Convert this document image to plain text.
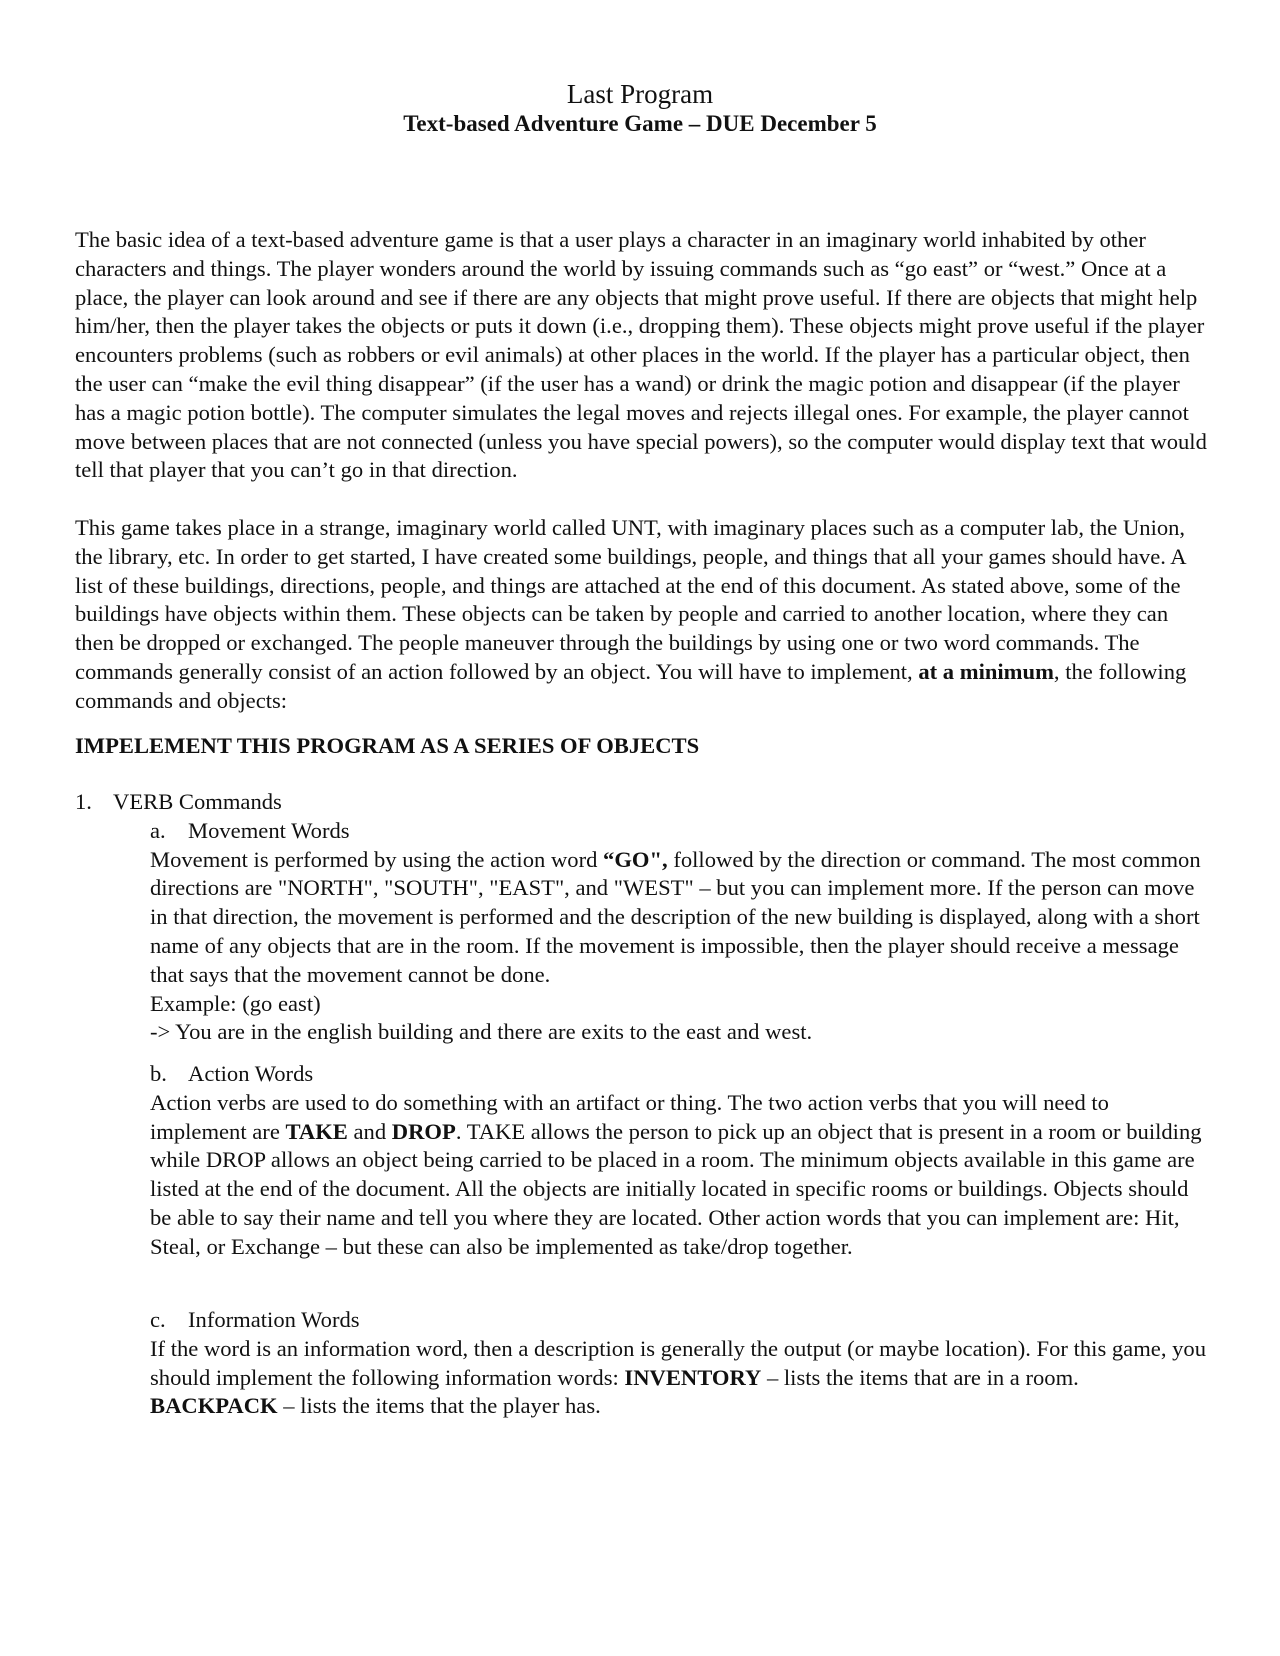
Last Program
Text-based Adventure Game – DUE December 5

The basic idea of a text-based adventure game is that a user plays a character in an imaginary world inhabited by other characters and things. The player wonders around the world by issuing commands such as “go east” or “west.” Once at a place, the player can look around and see if there are any objects that might prove useful. If there are objects that might help him/her, then the player takes the objects or puts it down (i.e., dropping them). These objects might prove useful if the player encounters problems (such as robbers or evil animals) at other places in the world. If the player has a particular object, then the user can “make the evil thing disappear” (if the user has a wand) or drink the magic potion and disappear (if the player has a magic potion bottle). The computer simulates the legal moves and rejects illegal ones. For example, the player cannot move between places that are not connected (unless you have special powers), so the computer would display text that would tell that player that you can’t go in that direction.

This game takes place in a strange, imaginary world called UNT, with imaginary places such as a computer lab, the Union, the library, etc. In order to get started, I have created some buildings, people, and things that all your games should have. A list of these buildings, directions, people, and things are attached at the end of this document. As stated above, some of the buildings have objects within them. These objects can be taken by people and carried to another location, where they can then be dropped or exchanged. The people maneuver through the buildings by using one or two word commands. The commands generally consist of an action followed by an object. You will have to implement, at a minimum, the following commands and objects:

IMPELEMENT THIS PROGRAM AS A SERIES OF OBJECTS
1. VERB Commands
a. Movement Words

Movement is performed by using the action word “GO", followed by the direction or command. The most common directions are "NORTH", "SOUTH", "EAST", and "WEST" – but you can implement more. If the person can move in that direction, the movement is performed and the description of the new building is displayed, along with a short name of any objects that are in the room. If the movement is impossible, then the player should receive a message that says that the movement cannot be done.

Example: (go east)

-> You are in the english building and there are exits to the east and west.

b. Action Words

Action verbs are used to do something with an artifact or thing. The two action verbs that you will need to implement are TAKE and DROP. TAKE allows the person to pick up an object that is present in a room or building while DROP allows an object being carried to be placed in a room. The minimum objects available in this game are listed at the end of the document. All the objects are initially located in specific rooms or buildings. Objects should be able to say their name and tell you where they are located. Other action words that you can implement are: Hit, Steal, or Exchange – but these can also be implemented as take/drop together.

c. Information Words

If the word is an information word, then a description is generally the output (or maybe location). For this game, you should implement the following information words: INVENTORY – lists the items that are in a room. BACKPACK – lists the items that the player has.
